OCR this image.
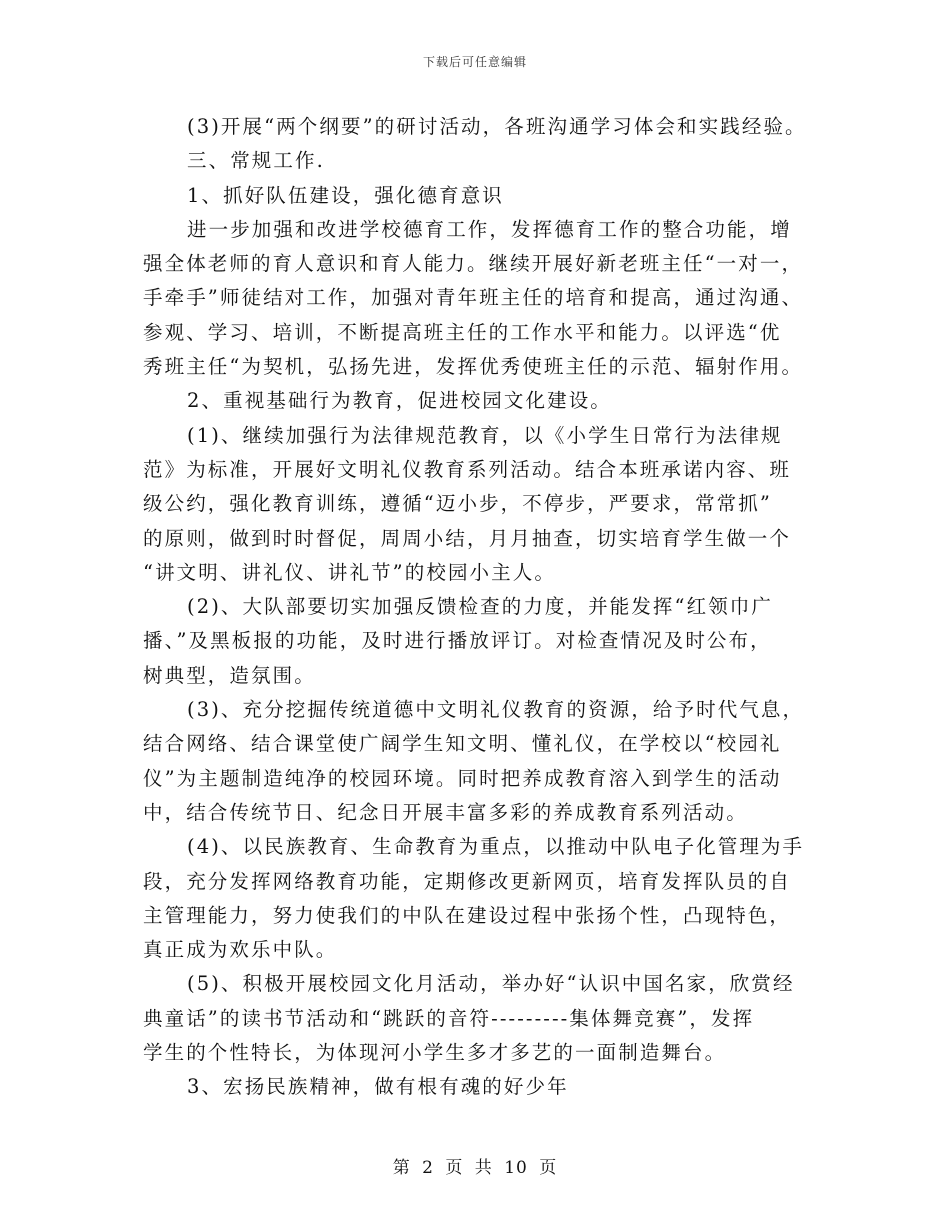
下载后可任意编辑
(3)开展“两个纲要”的研讨活动，各班沟通学习体会和实践经验。
三、常规工作.
1、抓好队伍建设，强化德育意识
进一步加强和改进学校德育工作，发挥德育工作的整合功能，增
强全体老师的育人意识和育人能力。继续开展好新老班主任“一对一，
手牵手”师徒结对工作，加强对青年班主任的培育和提高，通过沟通、
参观、学习、培训，不断提高班主任的工作水平和能力。以评选“优
秀班主任“为契机，弘扬先进，发挥优秀使班主任的示范、辐射作用。
2、重视基础行为教育，促进校园文化建设。
(1)、继续加强行为法律规范教育，以《小学生日常行为法律规
范》为标准，开展好文明礼仪教育系列活动。结合本班承诺内容、班
级公约，强化教育训练，遵循“迈小步，不停步，严要求，常常抓”
的原则，做到时时督促，周周小结，月月抽查，切实培育学生做一个
“讲文明、讲礼仪、讲礼节”的校园小主人。
(2)、大队部要切实加强反馈检查的力度，并能发挥“红领巾广
播、”及黑板报的功能，及时进行播放评订。对检查情况及时公布，
树典型，造氛围。
(3)、充分挖掘传统道德中文明礼仪教育的资源，给予时代气息，
结合网络、结合课堂使广阔学生知文明、懂礼仪，在学校以“校园礼
仪”为主题制造纯净的校园环境。同时把养成教育溶入到学生的活动
中，结合传统节日、纪念日开展丰富多彩的养成教育系列活动。
(4)、以民族教育、生命教育为重点，以推动中队电子化管理为手
段，充分发挥网络教育功能，定期修改更新网页，培育发挥队员的自
主管理能力，努力使我们的中队在建设过程中张扬个性，凸现特色，
真正成为欢乐中队。
(5)、积极开展校园文化月活动，举办好“认识中国名家，欣赏经
典童话”的读书节活动和“跳跃的音符---------集体舞竞赛”，发挥
学生的个性特长，为体现河小学生多才多艺的一面制造舞台。
3、宏扬民族精神，做有根有魂的好少年
第 2 页 共 10 页
